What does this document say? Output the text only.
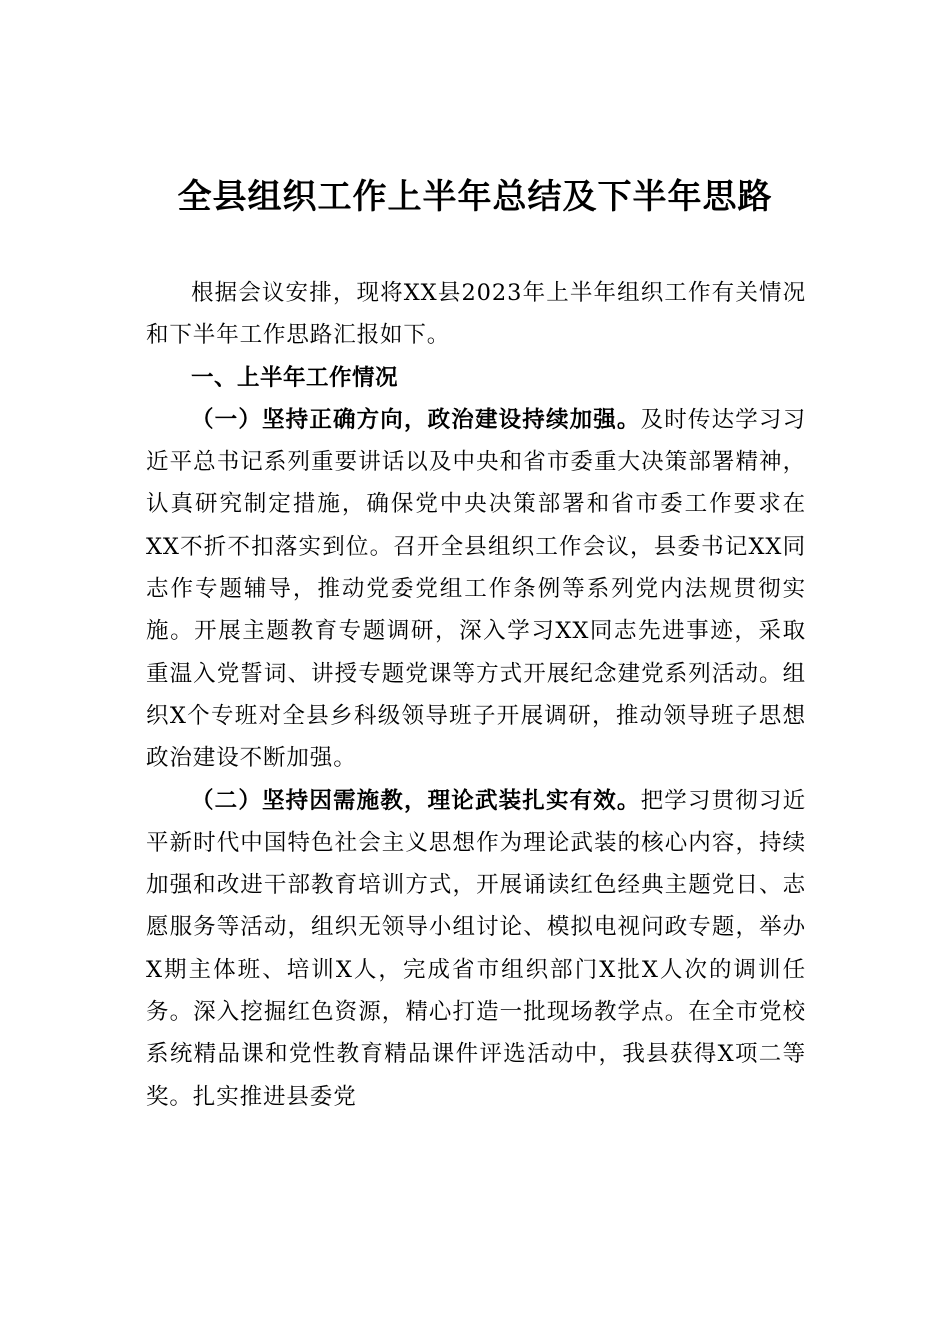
全县组织工作上半年总结及下半年思路

根据会议安排，现将XX县2023年上半年组织工作有关情况和下半年工作思路汇报如下。

一、上半年工作情况

（一）坚持正确方向，政治建设持续加强。及时传达学习习近平总书记系列重要讲话以及中央和省市委重大决策部署精神，认真研究制定措施，确保党中央决策部署和省市委工作要求在XX不折不扣落实到位。召开全县组织工作会议，县委书记XX同志作专题辅导，推动党委党组工作条例等系列党内法规贯彻实施。开展主题教育专题调研，深入学习XX同志先进事迹，采取重温入党誓词、讲授专题党课等方式开展纪念建党系列活动。组织X个专班对全县乡科级领导班子开展调研，推动领导班子思想政治建设不断加强。

（二）坚持因需施教，理论武装扎实有效。把学习贯彻习近平新时代中国特色社会主义思想作为理论武装的核心内容，持续加强和改进干部教育培训方式，开展诵读红色经典主题党日、志愿服务等活动，组织无领导小组讨论、模拟电视问政专题，举办X期主体班、培训X人，完成省市组织部门X批X人次的调训任务。深入挖掘红色资源，精心打造一批现场教学点。在全市党校系统精品课和党性教育精品课件评选活动中，我县获得X项二等奖。扎实推进县委党
